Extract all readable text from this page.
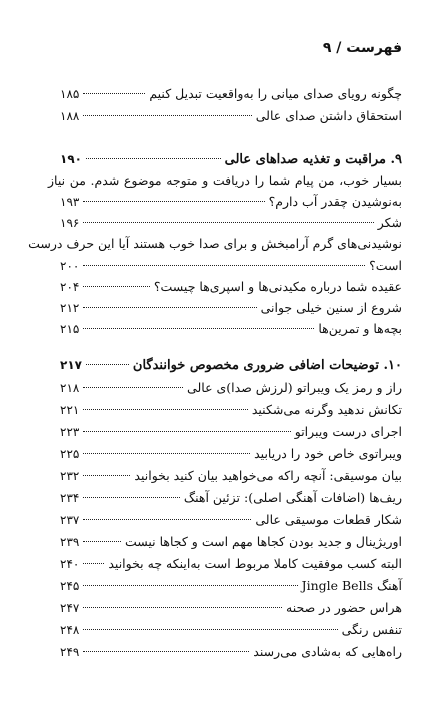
فهرست / ۹
چگونه رویای صدای میانی را به‌واقعیت تبدیل کنیم
۱۸۵
استحقاق داشتن صدای عالی
۱۸۸
۹. مراقبت و تغذیه صداهای عالی
۱۹۰
بسیار خوب، من پیام شما را دریافت و متوجه موضوع شدم. من نیاز
به‌نوشیدن چقدر آب دارم؟
۱۹۳
شکر
۱۹۶
نوشیدنی‌های گرم آرامبخش و برای صدا خوب هستند آیا این حرف درست
است؟
۲۰۰
عقیده شما درباره مکیدنی‌ها و اسپری‌ها چیست؟
۲۰۴
شروع از سنین خیلی جوانی
۲۱۲
بچه‌ها و تمرین‌ها
۲۱۵
۱۰. توضیحات اضافی ضروری مخصوص خوانندگان
۲۱۷
راز و رمز یک ویبراتو (لرزش صدا)ی عالی
۲۱۸
تکانش ندهید وگرنه می‌شکنید
۲۲۱
اجرای درست ویبراتو
۲۲۳
ویبراتوی خاص خود را دریابید
۲۲۵
بیان موسیقی: آنچه راکه می‌خواهید بیان کنید بخوانید
۲۳۲
ریف‌ها (اضافات آهنگی اصلی): تزئین آهنگ
۲۳۴
شکار قطعات موسیقی عالی
۲۳۷
اوریژینال و جدید بودن کجاها مهم است و کجاها نیست
۲۳۹
البته کسب موفقیت کاملا مربوط است به‌اینکه چه بخوانید
۲۴۰
آهنگ Jingle Bells
۲۴۵
هراس حضور در صحنه
۲۴۷
تنفس رنگی
۲۴۸
راه‌هایی که به‌شادی می‌رسند
۲۴۹
